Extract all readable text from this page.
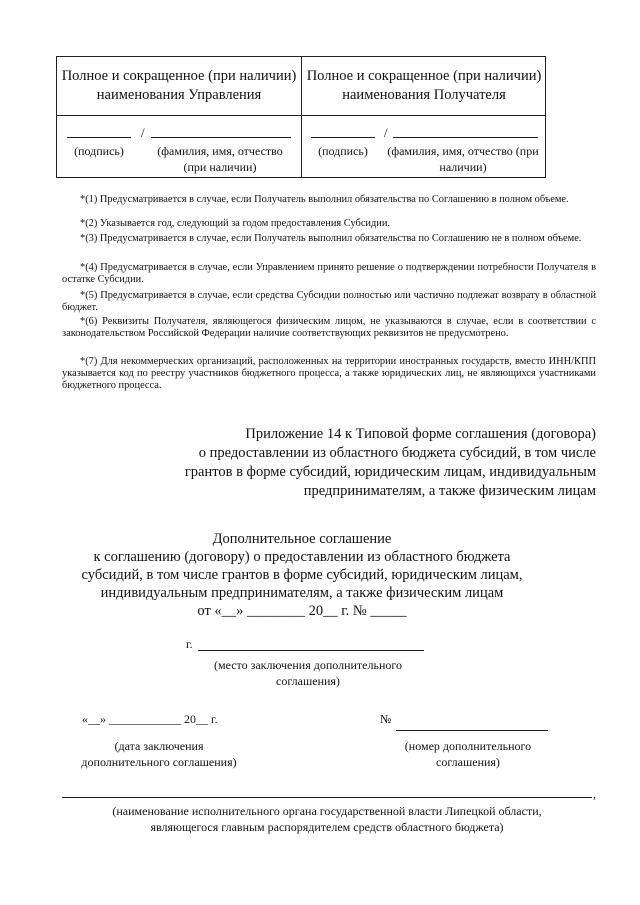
Полное и сокращенное (при наличии) наименования Управления
Полное и сокращенное (при наличии) наименования Получателя
/
(подпись)	(фамилия, имя, отчество (при наличии)
/
(подпись)	(фамилия, имя, отчество (при наличии)

*(1) Предусматривается в случае, если Получатель выполнил обязательства по Соглашению в полном объеме.

*(2) Указывается год, следующий за годом предоставления Субсидии.

*(3) Предусматривается в случае, если Получатель выполнил обязательства по Соглашению не в полном объеме.

*(4) Предусматривается в случае, если Управлением принято решение о подтверждении потребности Получателя в остатке Субсидии.

*(5) Предусматривается в случае, если средства Субсидии полностью или частично подлежат возврату в областной бюджет.

*(6) Реквизиты Получателя, являющегося физическим лицом, не указываются в случае, если в соответствии с законодательством Российской Федерации наличие соответствующих реквизитов не предусмотрено.

*(7) Для некоммерческих организаций, расположенных на территории иностранных государств, вместо ИНН/КПП указывается код по реестру участников бюджетного процесса, а также юридических лиц, не являющихся участниками бюджетного процесса.

Приложение 14 к Типовой форме соглашения (договора)
о предоставлении из областного бюджета субсидий, в том числе
грантов в форме субсидий, юридическим лицам, индивидуальным
предпринимателям, а также физическим лицам
Дополнительное соглашение
к соглашению (договору) о предоставлении из областного бюджета
субсидий, в том числе грантов в форме субсидий, юридическим лицам,
индивидуальным предпринимателям, а также физическим лицам
от «__» ________ 20__ г. № _____
г.
(место заключения дополнительного
соглашения)
«__» ____________ 20__ г.
(дата заключения
дополнительного соглашения)
№
(номер дополнительного
соглашения)
,
(наименование исполнительного органа государственной власти Липецкой области,
являющегося главным распорядителем средств областного бюджета)
